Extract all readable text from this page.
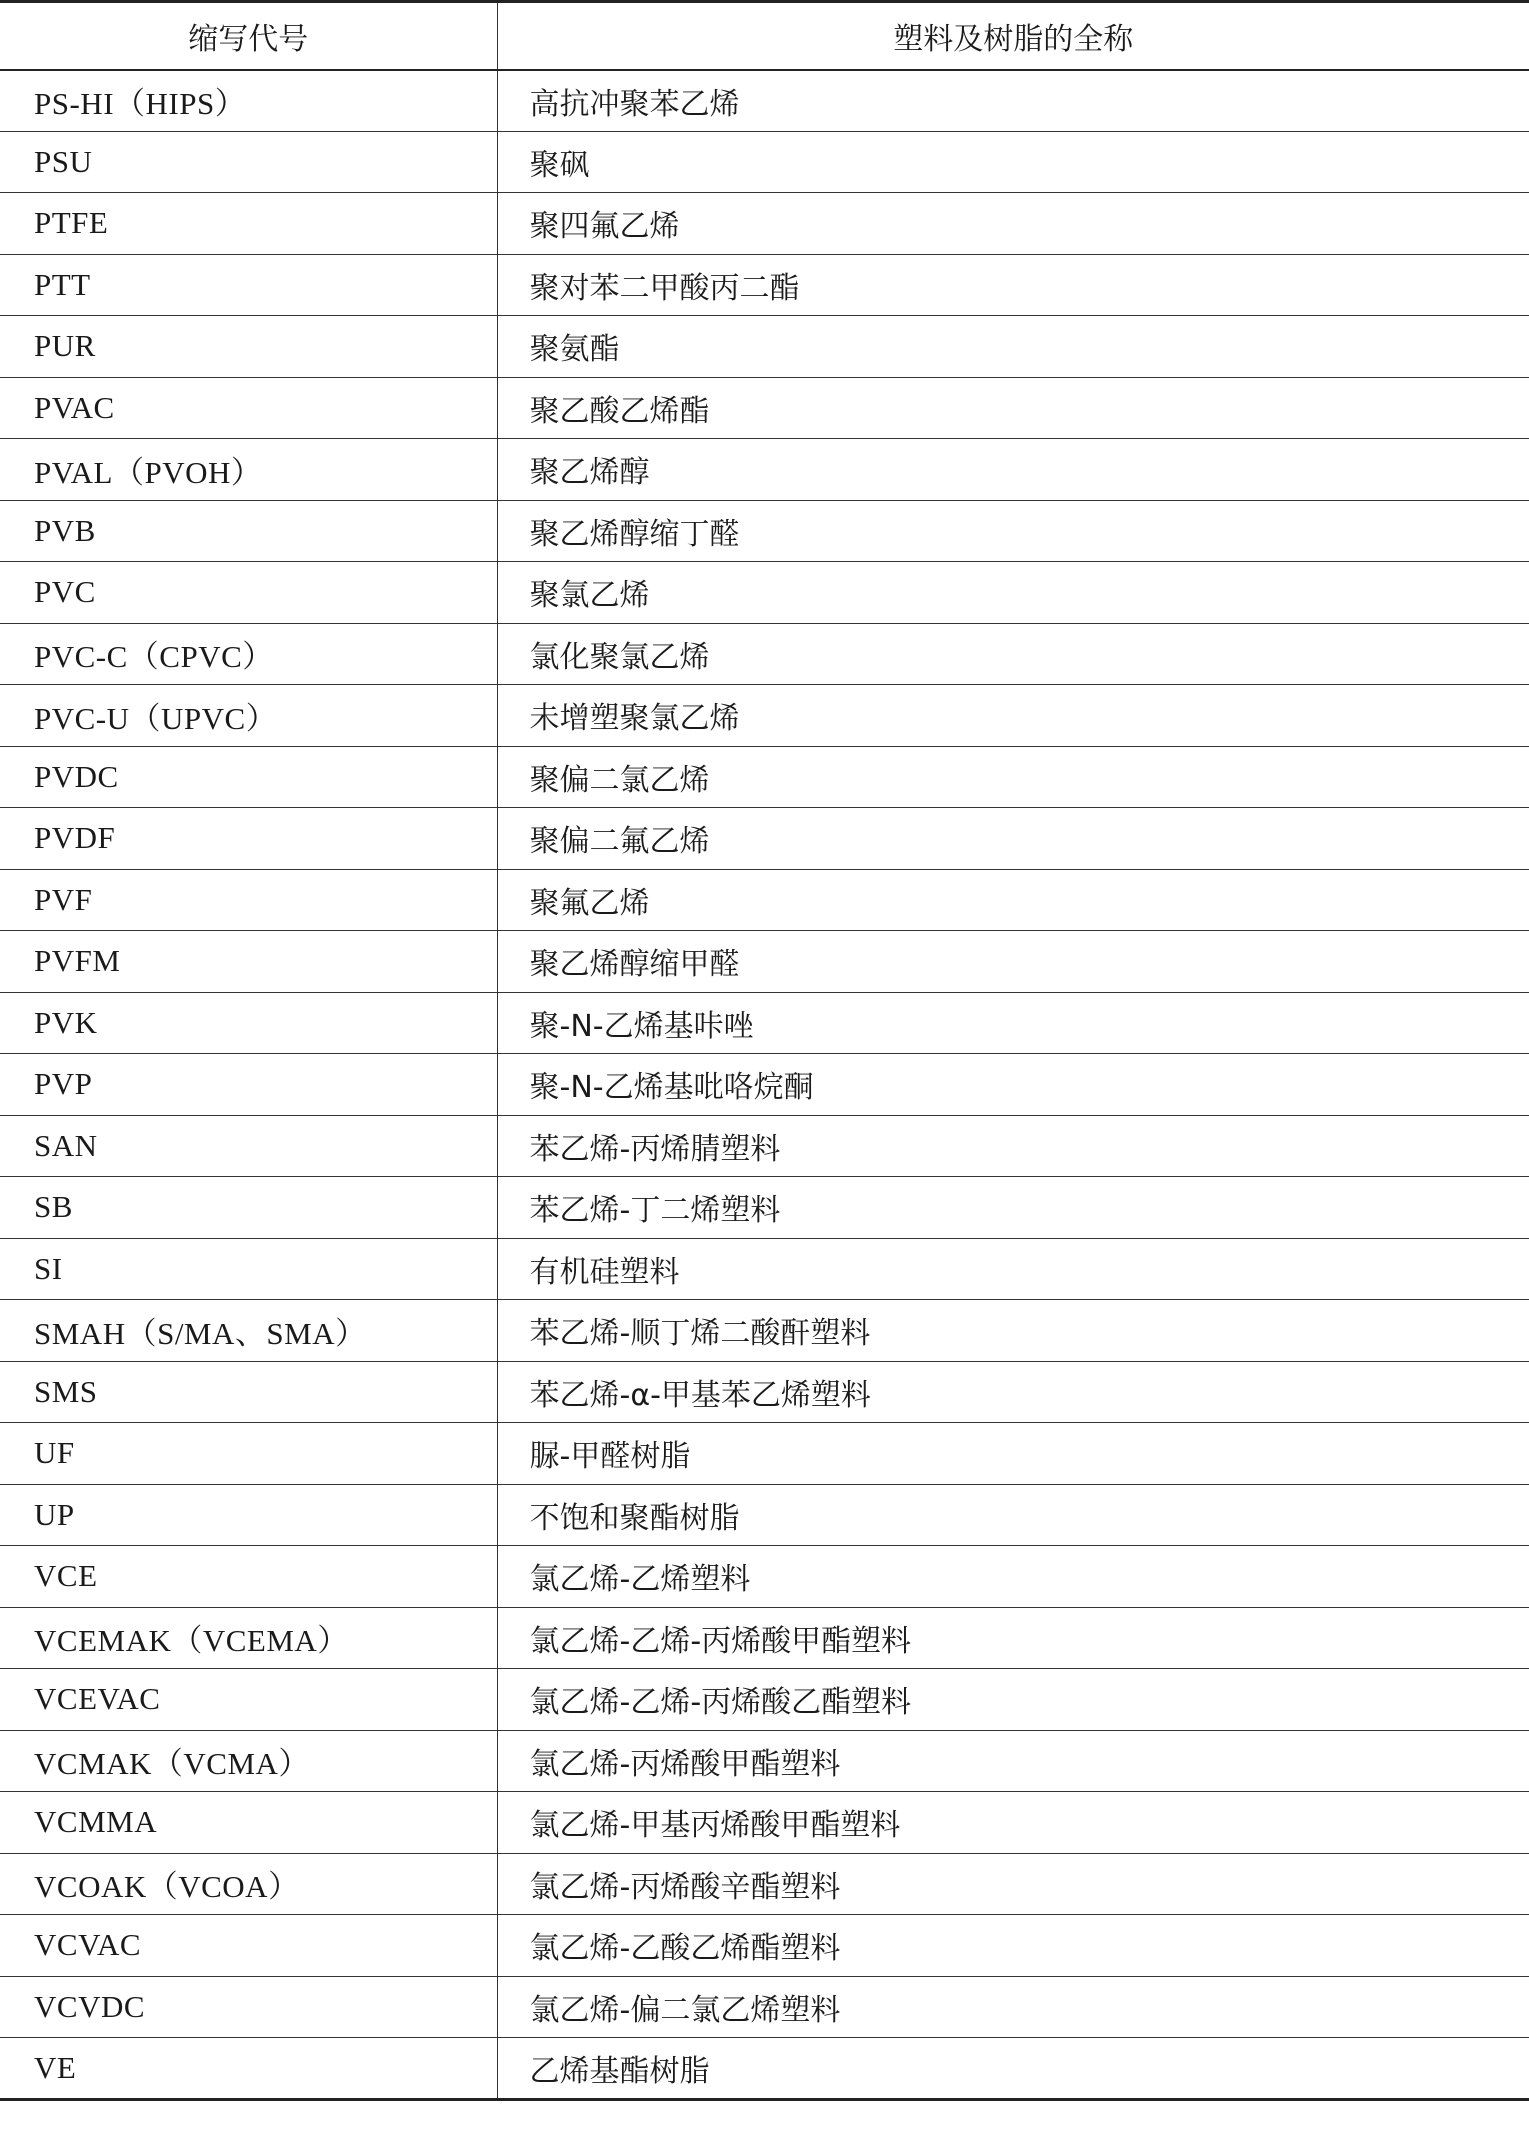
缩写代号	塑料及树脂的全称
PS-HI（HIPS）	高抗冲聚苯乙烯
PSU	聚砜
PTFE	聚四氟乙烯
PTT	聚对苯二甲酸丙二酯
PUR	聚氨酯
PVAC	聚乙酸乙烯酯
PVAL（PVOH）	聚乙烯醇
PVB	聚乙烯醇缩丁醛
PVC	聚氯乙烯
PVC-C（CPVC）	氯化聚氯乙烯
PVC-U（UPVC）	未增塑聚氯乙烯
PVDC	聚偏二氯乙烯
PVDF	聚偏二氟乙烯
PVF	聚氟乙烯
PVFM	聚乙烯醇缩甲醛
PVK	聚-N-乙烯基咔唑
PVP	聚-N-乙烯基吡咯烷酮
SAN	苯乙烯-丙烯腈塑料
SB	苯乙烯-丁二烯塑料
SI	有机硅塑料
SMAH（S/MA、SMA）	苯乙烯-顺丁烯二酸酐塑料
SMS	苯乙烯-α-甲基苯乙烯塑料
UF	脲-甲醛树脂
UP	不饱和聚酯树脂
VCE	氯乙烯-乙烯塑料
VCEMAK（VCEMA）	氯乙烯-乙烯-丙烯酸甲酯塑料
VCEVAC	氯乙烯-乙烯-丙烯酸乙酯塑料
VCMAK（VCMA）	氯乙烯-丙烯酸甲酯塑料
VCMMA	氯乙烯-甲基丙烯酸甲酯塑料
VCOAK（VCOA）	氯乙烯-丙烯酸辛酯塑料
VCVAC	氯乙烯-乙酸乙烯酯塑料
VCVDC	氯乙烯-偏二氯乙烯塑料
VE	乙烯基酯树脂
